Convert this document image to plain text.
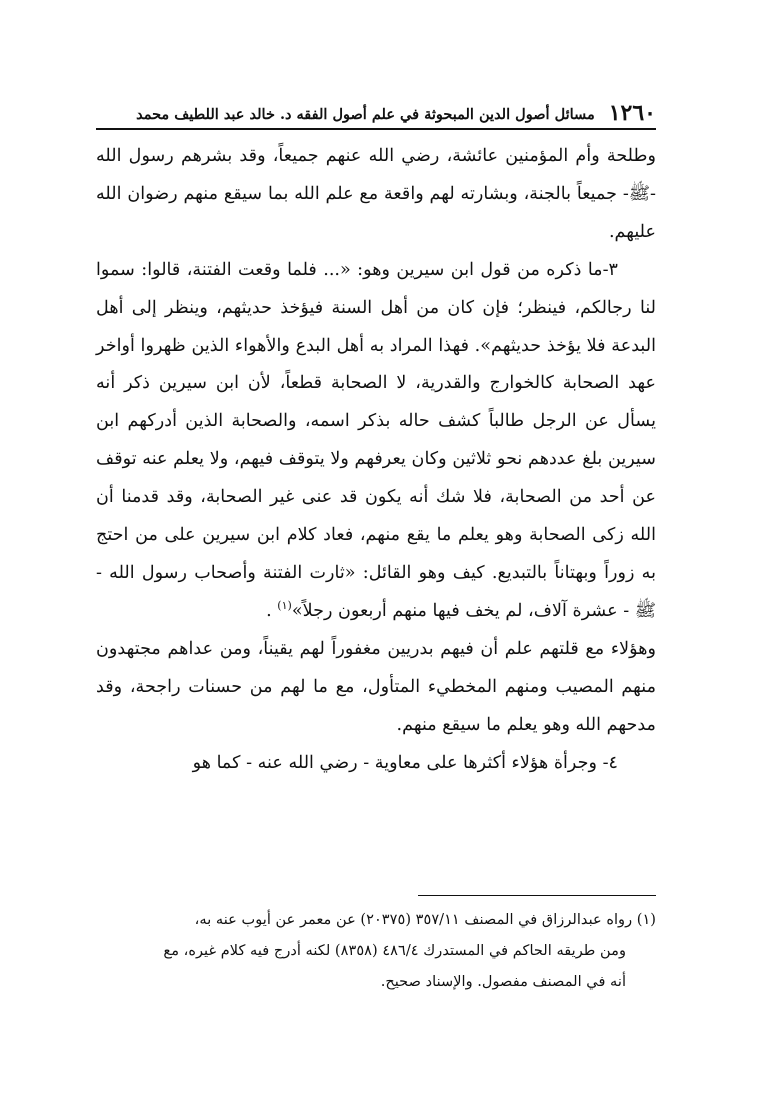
١٢٦٠
مسائل أصول الدين المبحوثة في علم أصول الفقه د. خالد عبد اللطيف محمد

وطلحة وأم المؤمنين عائشة، رضي الله عنهم جميعاً، وقد بشرهم رسول الله -ﷺ- جميعاً بالجنة، وبشارته لهم واقعة مع علم الله بما سيقع منهم رضوان الله عليهم.

٣-ما ذكره من قول ابن سيرين وهو: «... فلما وقعت الفتنة، قالوا: سموا لنا رجالكم، فينظر؛ فإن كان من أهل السنة فيؤخذ حديثهم، وينظر إلى أهل البدعة فلا يؤخذ حديثهم». فهذا المراد به أهل البدع والأهواء الذين ظهروا أواخر عهد الصحابة كالخوارج والقدرية، لا الصحابة قطعاً، لأن ابن سيرين ذكر أنه يسأل عن الرجل طالباً كشف حاله بذكر اسمه، والصحابة الذين أدركهم ابن سيرين بلغ عددهم نحو ثلاثين وكان يعرفهم ولا يتوقف فيهم، ولا يعلم عنه توقف عن أحد من الصحابة، فلا شك أنه يكون قد عنى غير الصحابة، وقد قدمنا أن الله زكى الصحابة وهو يعلم ما يقع منهم، فعاد كلام ابن سيرين على من احتج به زوراً وبهتاناً بالتبديع. كيف وهو القائل: «ثارت الفتنة وأصحاب رسول الله - ﷺ - عشرة آلاف، لم يخف فيها منهم أربعون رجلاً»$^{(١)}$ .

وهؤلاء مع قلتهم علم أن فيهم بدريين مغفوراً لهم يقيناً، ومن عداهم مجتهدون منهم المصيب ومنهم المخطيء المتأول، مع ما لهم من حسنات راجحة، وقد مدحهم الله وهو يعلم ما سيقع منهم.

٤- وجرأة هؤلاء أكثرها على معاوية - رضي الله عنه - كما هو

(١) رواه عبدالرزاق في المصنف ٣٥٧/١١ (٢٠٣٧٥) عن معمر عن أيوب عنه به،

ومن طريقه الحاكم في المستدرك ٤٨٦/٤ (٨٣٥٨) لكنه أدرج فيه كلام غيره، مع

أنه في المصنف مفصول. والإسناد صحيح.
